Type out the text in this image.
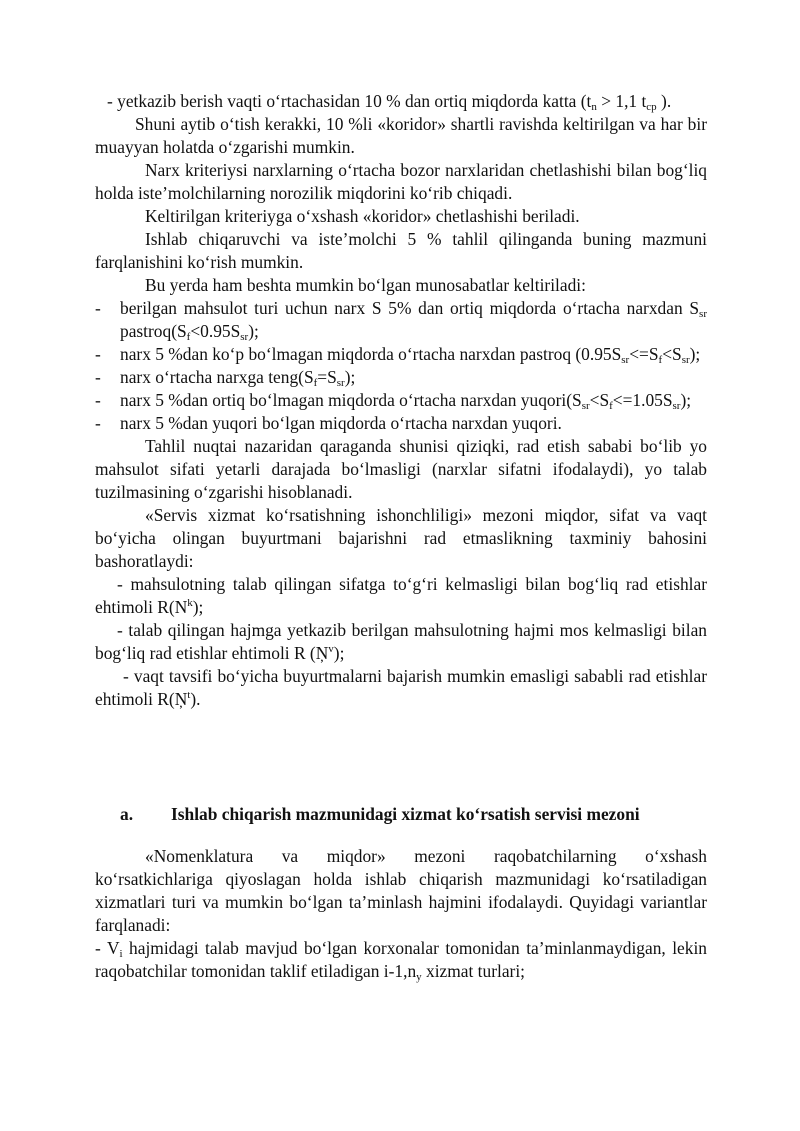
- yetkazib berish vaqti o‘rtachasidan 10 % dan ortiq miqdorda katta ($t_n > 1,1$ $t_{cp}$ ).

Shuni aytib o‘tish kerakki, 10 %li «koridor» shartli ravishda keltirilgan va har bir muayyan holatda o‘zgarishi mumkin.

Narx kriteriysi narxlarning o‘rtacha bozor narxlaridan chetlashishi bilan bog‘liq holda iste’molchilarning norozilik miqdorini ko‘rib chiqadi.

Keltirilgan kriteriyga o‘xshash «koridor» chetlashishi beriladi.

Ishlab chiqaruvchi va iste’molchi 5 % tahlil qilinganda buning mazmuni farqlanishini ko‘rish mumkin.

Bu yerda ham beshta mumkin bo‘lgan munosabatlar keltiriladi:

- berilgan mahsulot turi uchun narx S 5% dan ortiq miqdorda o‘rtacha narxdan $S_{sr}$ $pastroq(S_f<0.95S_{sr})$;
- narx 5 %dan ko‘p bo‘lmagan miqdorda o‘rtacha narxdan pastroq $(0.95S_{sr}<=S_f<S_{sr})$;
- narx o‘rtacha narxga $teng(S_f=S_{sr})$;
- narx 5 %dan ortiq bo‘lmagan miqdorda o‘rtacha narxdan $yuqori(S_{sr}<S_f<=1.05S_{sr})$;
- narx 5 %dan yuqori bo‘lgan miqdorda o‘rtacha narxdan yuqori.

Tahlil nuqtai nazaridan qaraganda shunisi qiziqki, rad etish sababi bo‘lib yo mahsulot sifati yetarli darajada bo‘lmasligi (narxlar sifatni ifodalaydi), yo talab tuzilmasining o‘zgarishi hisoblanadi.

«Servis xizmat ko‘rsatishning ishonchliligi» mezoni miqdor, sifat va vaqt bo‘yicha olingan buyurtmani bajarishni rad etmaslikning taxminiy bahosini bashoratlaydi:

- mahsulotning talab qilingan sifatga to‘g‘ri kelmasligi bilan bog‘liq rad etishlar ehtimoli $R(N^k)$;

- talab qilingan hajmga yetkazib berilgan mahsulotning hajmi mos kelmasligi bilan bog‘liq rad etishlar ehtimoli R $(Ņ^v)$;

- vaqt tavsifi bo‘yicha buyurtmalarni bajarish mumkin emasligi sababli rad etishlar ehtimoli $R(Ņ^t)$.

a. Ishlab chiqarish mazmunidagi xizmat ko‘rsatish servisi mezoni

«Nomenklatura va miqdor» mezoni raqobatchilarning o‘xshash ko‘rsatkichlariga qiyoslagan holda ishlab chiqarish mazmunidagi ko‘rsatiladigan xizmatlari turi va mumkin bo‘lgan ta’minlash hajmini ifodalaydi. Quyidagi variantlar farqlanadi:

- $V_i$ hajmidagi talab mavjud bo‘lgan korxonalar tomonidan ta’minlanmaydigan, lekin raqobatchilar tomonidan taklif etiladigan $i-1,n_y$ xizmat turlari;
